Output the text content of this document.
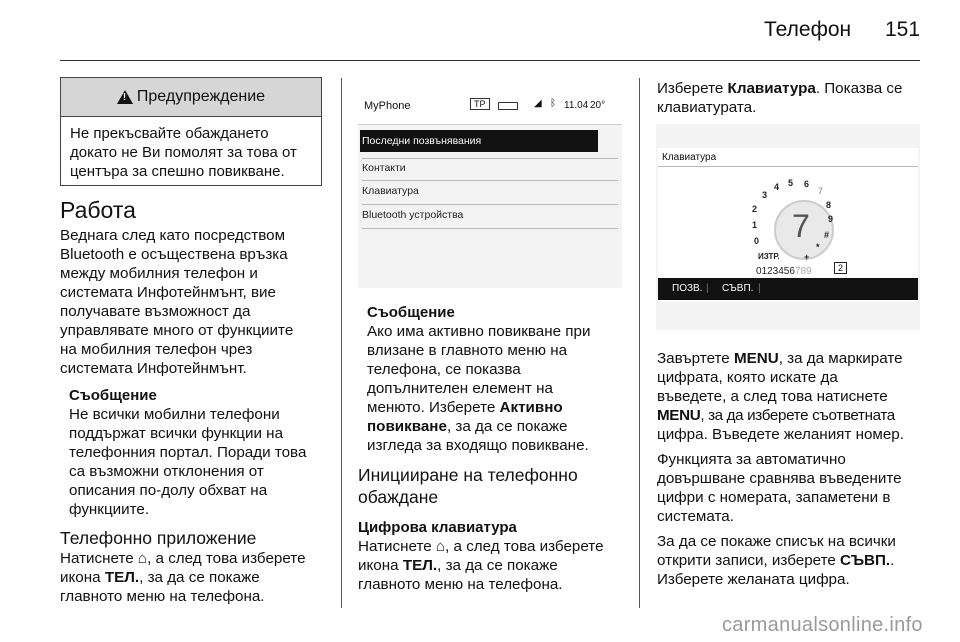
Телефон 151
!
Предупреждение
Не прекъсвайте обаждането докато не Ви помолят за това от центъра за спешно повикване.

Работа

Веднага след като посредством

Bluetooth е осъществена връзка

между мобилния телефон и

системата Инфотейнмънт, вие

получавате възможност да

управлявате много от функциите

на мобилния телефон чрез

системата Инфотейнмънт.

Съобщение

Не всички мобилни телефони

поддържат всички функции на

телефонния портал. Поради това

са възможни отклонения от

описания по-долу обхват на

функциите.

Телефонно приложение

Натиснете ⌂, а след това изберете

икона ТЕЛ., за да се покаже

главното меню на телефона.

MyPhone	TP	◢ ᛒ 11.04 20°
Последни позвънявания
Контакти
Клавиатура
Bluetooth устройства

Съобщение

Ако има активно повикване при

влизане в главното меню на

телефона, се показва

допълнителен елемент на

менюто. Изберете Активно

повикване, за да се покаже

изгледа за входящо повикване.

Иницииране на телефонно

обаждане

Цифрова клавиатура

Натиснете ⌂, а след това изберете

икона ТЕЛ., за да се покаже

главното меню на телефона.

Изберете Клавиатура. Показва се

клавиатурата.

Клавиатура
7
3
4 5 6
7
2	8
1
9
0
#
*
+
ИЗТР.
0123456789	2
ПОЗВ. | СЪВП. |

Завъртете MENU, за да маркирате

цифрата, която искате да

въведете, а след това натиснете

MENU, за да изберете съответната

цифра. Въведете желаният номер.

Функцията за автоматично

довършване сравнява въведените

цифри с номерата, запаметени в

системата.

За да се покаже списък на всички

открити записи, изберете СЪВП..

Изберете желаната цифра.

carmanualsonline.info
